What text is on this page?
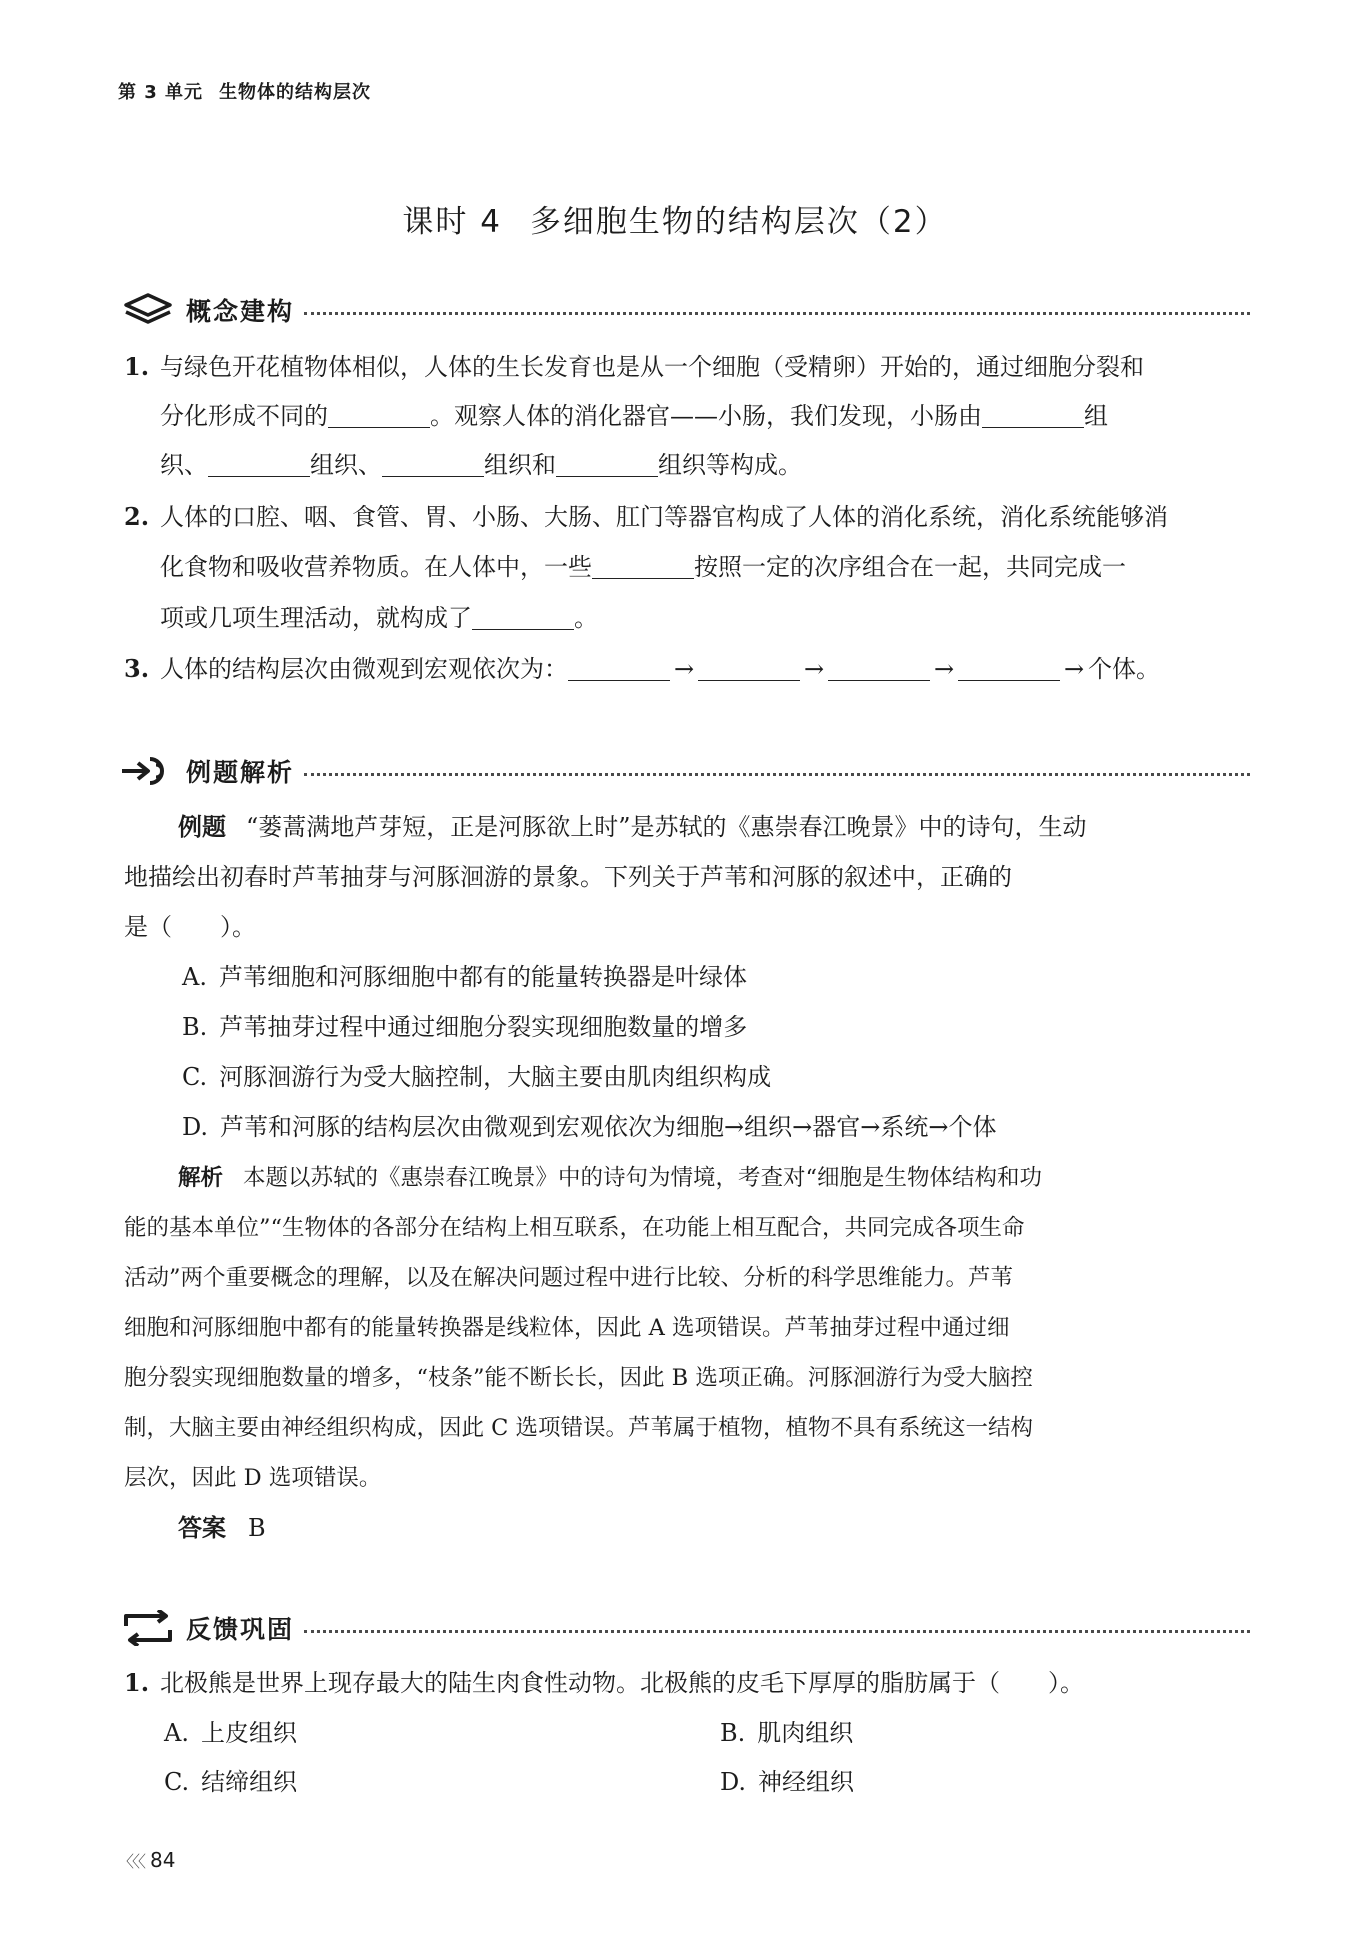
第 3 单元 生物体的结构层次
课时 4 多细胞生物的结构层次（2）
概念建构
1. 与绿色开花植物体相似，人体的生长发育也是从一个细胞（受精卵）开始的，通过细胞分裂和
分化形成不同的	。观察人体的消化器官——小肠，我们发现，小肠由	组
织、	组织、	组织和	组织等构成。
2. 人体的口腔、咽、食管、胃、小肠、大肠、肛门等器官构成了人体的消化系统，消化系统能够消
化食物和吸收营养物质。在人体中，一些	按照一定的次序组合在一起，共同完成一
项或几项生理活动，就构成了	。
3. 人体的结构层次由微观到宏观依次为：	→	→	→	→ 个体。
例题解析
例题 “蒌蒿满地芦芽短，正是河豚欲上时”是苏轼的《惠崇春江晚景》中的诗句，生动
地描绘出初春时芦苇抽芽与河豚洄游的景象。下列关于芦苇和河豚的叙述中，正确的
是（　　）。
A. 芦苇细胞和河豚细胞中都有的能量转换器是叶绿体
B. 芦苇抽芽过程中通过细胞分裂实现细胞数量的增多
C. 河豚洄游行为受大脑控制，大脑主要由肌肉组织构成
D. 芦苇和河豚的结构层次由微观到宏观依次为细胞→组织→器官→系统→个体
解析 本题以苏轼的《惠崇春江晚景》中的诗句为情境，考查对“细胞是生物体结构和功
能的基本单位”“生物体的各部分在结构上相互联系，在功能上相互配合，共同完成各项生命
活动”两个重要概念的理解，以及在解决问题过程中进行比较、分析的科学思维能力。芦苇
细胞和河豚细胞中都有的能量转换器是线粒体，因此 A 选项错误。芦苇抽芽过程中通过细
胞分裂实现细胞数量的增多，“枝条”能不断长长，因此 B 选项正确。河豚洄游行为受大脑控
制，大脑主要由神经组织构成，因此 C 选项错误。芦苇属于植物，植物不具有系统这一结构
层次，因此 D 选项错误。
答案 B
反馈巩固
1. 北极熊是世界上现存最大的陆生肉食性动物。北极熊的皮毛下厚厚的脂肪属于（　　）。
A. 上皮组织	B. 肌肉组织
C. 结缔组织	D. 神经组织
〈〈〈 84
